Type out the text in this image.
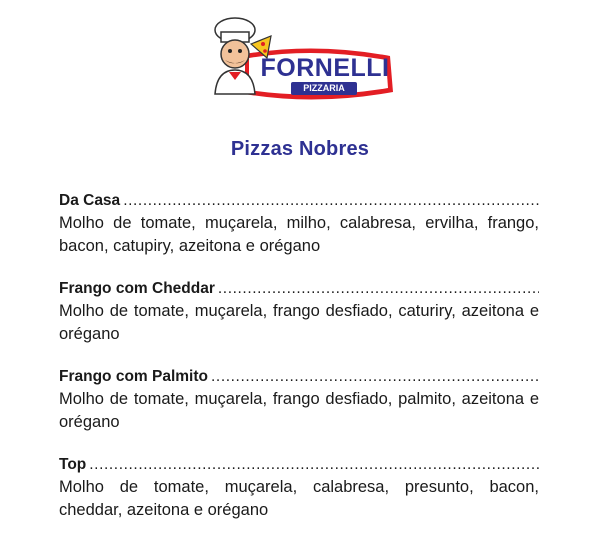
FORNELLI
PIZZARIA
Pizzas Nobres
Da Casa
.....
Molho de tomate, muçarela, milho, calabresa, ervilha, frango, bacon, catupiry, azeitona e orégano
Frango com Cheddar
.....
Molho de tomate, muçarela, frango desfiado, caturiry, azeitona e orégano
Frango com Palmito
.....
Molho de tomate, muçarela, frango desfiado, palmito, azeitona e orégano
Top
.....
Molho de tomate, muçarela, calabresa, presunto, bacon, cheddar, azeitona e orégano
